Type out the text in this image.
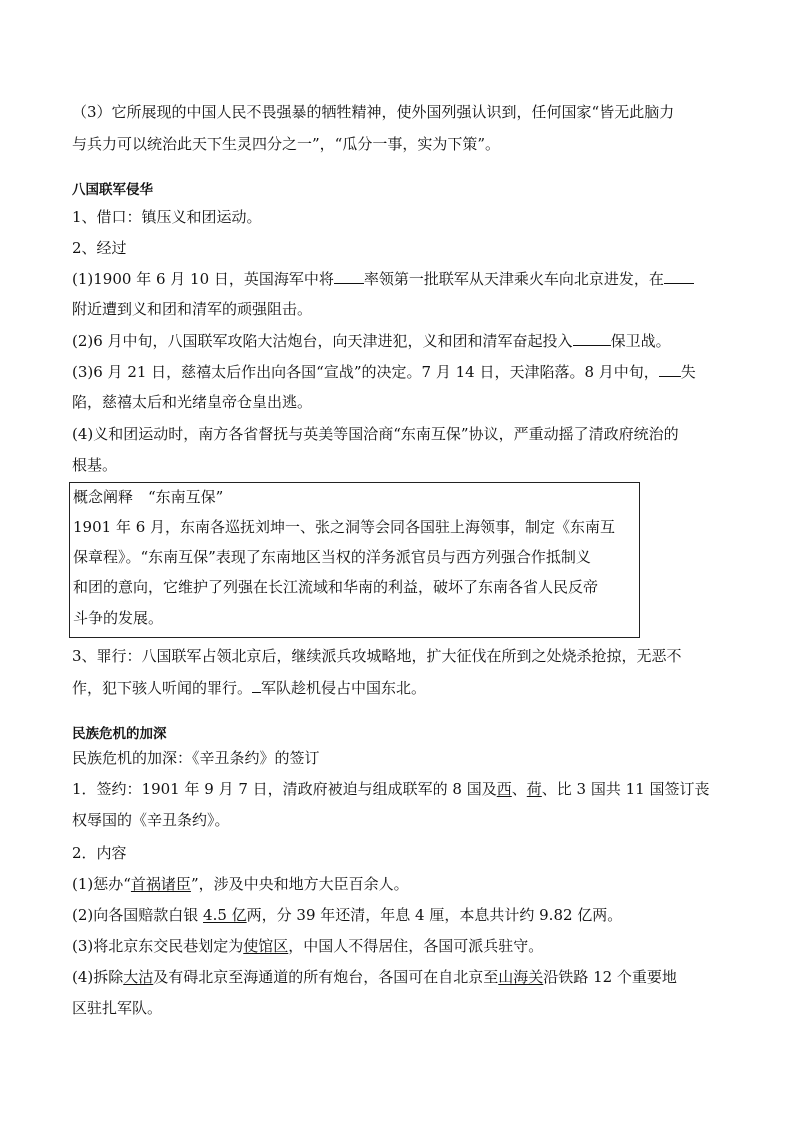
（3）它所展现的中国人民不畏强暴的牺牲精神，使外国列强认识到，任何国家“皆无此脑力
与兵力可以统治此天下生灵四分之一”，“瓜分一事，实为下策”。
八国联军侵华
1、借口：镇压义和团运动。
2、经过
(1)1900 年 6 月 10 日，英国海军中将 率领第一批联军从天津乘火车向北京进发，在
附近遭到义和团和清军的顽强阻击。
(2)6 月中旬，八国联军攻陷大沽炮台，向天津进犯，义和团和清军奋起投入	保卫战。
(3)6 月 21 日，慈禧太后作出向各国“宣战”的决定。7 月 14 日，天津陷落。8 月中旬， 失
陷，慈禧太后和光绪皇帝仓皇出逃。
(4)义和团运动时，南方各省督抚与英美等国洽商“东南互保”协议，严重动摇了清政府统治的
根基。
概念阐释　“东南互保”
1901 年 6 月，东南各巡抚刘坤一、张之洞等会同各国驻上海领事，制定《东南互
保章程》。“东南互保”表现了东南地区当权的洋务派官员与西方列强合作抵制义
和团的意向，它维护了列强在长江流域和华南的利益，破坏了东南各省人民反帝
斗争的发展。
3、罪行：八国联军占领北京后，继续派兵攻城略地，扩大征伐在所到之处烧杀抢掠，无恶不
作，犯下骇人听闻的罪行。 军队趁机侵占中国东北。
民族危机的加深
民族危机的加深：《辛丑条约》的签订
1．签约：1901 年 9 月 7 日，清政府被迫与组成联军的 8 国及西、荷、比 3 国共 11 国签订丧
权辱国的《辛丑条约》。
2．内容
(1)惩办“首祸诸臣”，涉及中央和地方大臣百余人。
(2)向各国赔款白银 4.5 亿两，分 39 年还清，年息 4 厘，本息共计约 9.82 亿两。
(3)将北京东交民巷划定为使馆区，中国人不得居住，各国可派兵驻守。
(4)拆除大沽及有碍北京至海通道的所有炮台，各国可在自北京至山海关沿铁路 12 个重要地
区驻扎军队。
